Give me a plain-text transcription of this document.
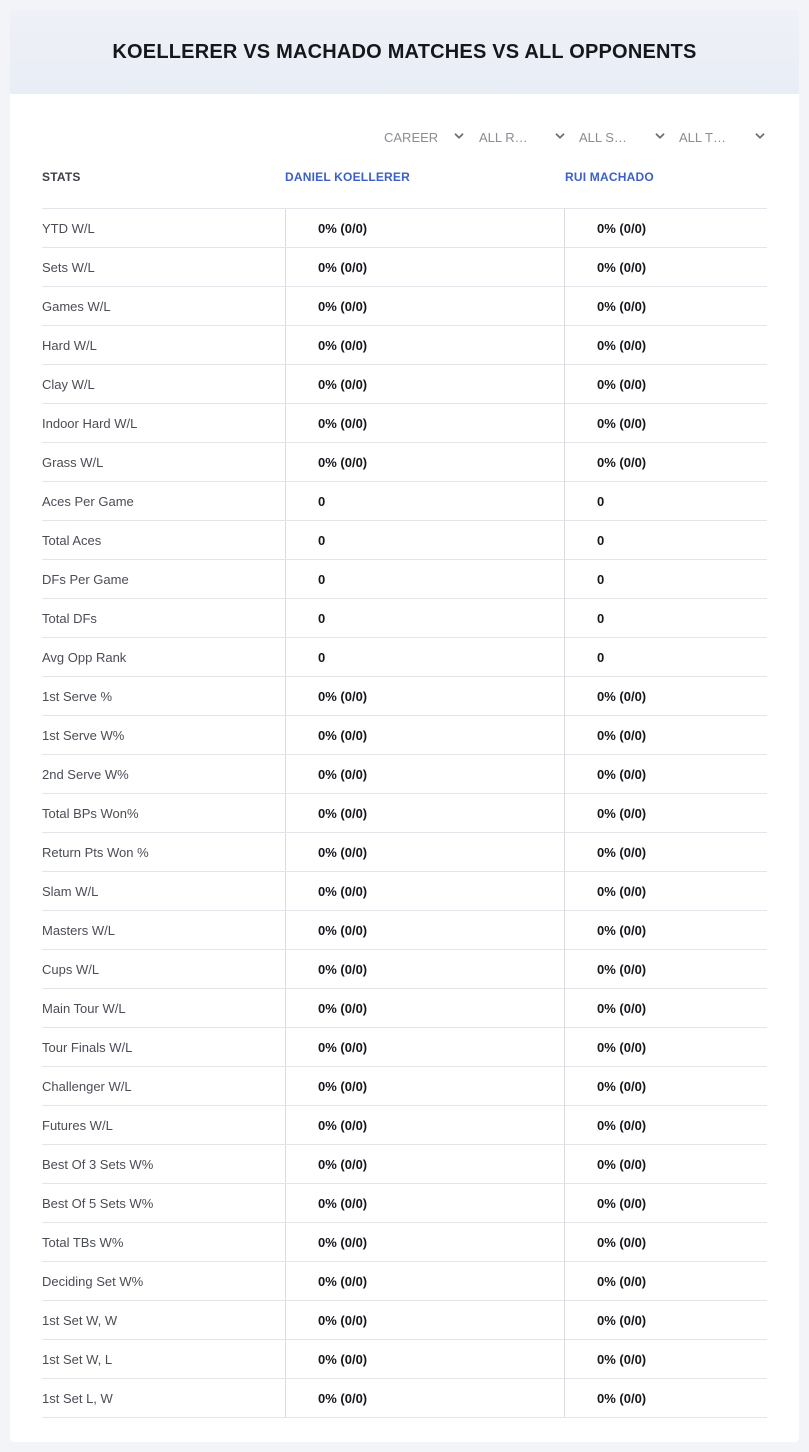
KOELLERER VS MACHADO MATCHES VS ALL OPPONENTS
CAREER	ALL R…	ALL S…	ALL T…
STATS	DANIEL KOELLERER	RUI MACHADO
YTD W/L	0% (0/0)	0% (0/0)
Sets W/L	0% (0/0)	0% (0/0)
Games W/L	0% (0/0)	0% (0/0)
Hard W/L	0% (0/0)	0% (0/0)
Clay W/L	0% (0/0)	0% (0/0)
Indoor Hard W/L	0% (0/0)	0% (0/0)
Grass W/L	0% (0/0)	0% (0/0)
Aces Per Game	0	0
Total Aces	0	0
DFs Per Game	0	0
Total DFs	0	0
Avg Opp Rank	0	0
1st Serve %	0% (0/0)	0% (0/0)
1st Serve W%	0% (0/0)	0% (0/0)
2nd Serve W%	0% (0/0)	0% (0/0)
Total BPs Won%	0% (0/0)	0% (0/0)
Return Pts Won %	0% (0/0)	0% (0/0)
Slam W/L	0% (0/0)	0% (0/0)
Masters W/L	0% (0/0)	0% (0/0)
Cups W/L	0% (0/0)	0% (0/0)
Main Tour W/L	0% (0/0)	0% (0/0)
Tour Finals W/L	0% (0/0)	0% (0/0)
Challenger W/L	0% (0/0)	0% (0/0)
Futures W/L	0% (0/0)	0% (0/0)
Best Of 3 Sets W%	0% (0/0)	0% (0/0)
Best Of 5 Sets W%	0% (0/0)	0% (0/0)
Total TBs W%	0% (0/0)	0% (0/0)
Deciding Set W%	0% (0/0)	0% (0/0)
1st Set W, W	0% (0/0)	0% (0/0)
1st Set W, L	0% (0/0)	0% (0/0)
1st Set L, W	0% (0/0)	0% (0/0)
